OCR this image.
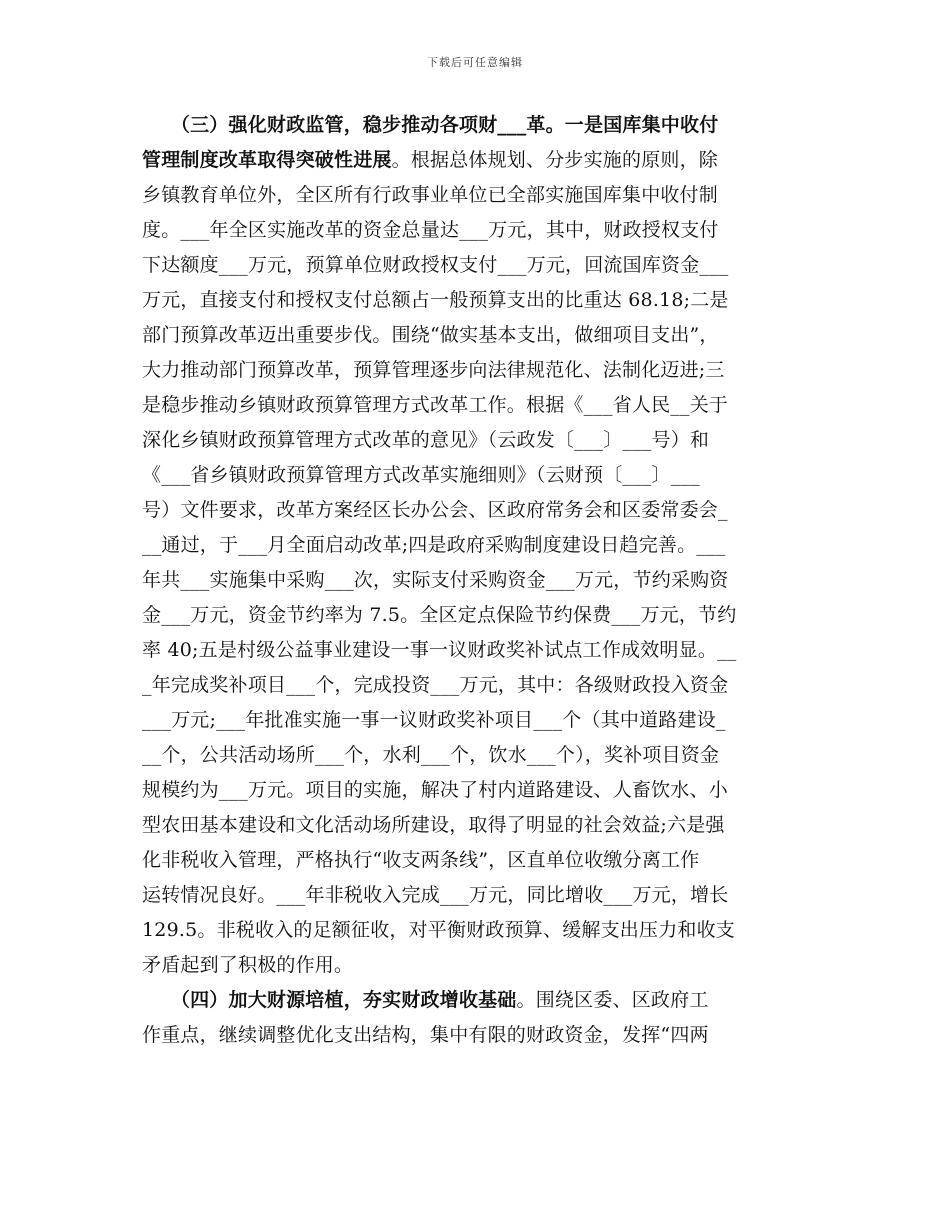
下载后可任意编辑
　　（三）强化财政监管，稳步推动各项财___革。一是国库集中收付
管理制度改革取得突破性进展。根据总体规划、分步实施的原则，除
乡镇教育单位外，全区所有行政事业单位已全部实施国库集中收付制
度。___年全区实施改革的资金总量达___万元，其中，财政授权支付
下达额度___万元，预算单位财政授权支付___万元，回流国库资金___
万元，直接支付和授权支付总额占一般预算支出的比重达 68.18;二是
部门预算改革迈出重要步伐。围绕“做实基本支出，做细项目支出”，
大力推动部门预算改革，预算管理逐步向法律规范化、法制化迈进;三
是稳步推动乡镇财政预算管理方式改革工作。根据《___省人民__关于
深化乡镇财政预算管理方式改革的意见》（云政发〔___〕___号）和
《___省乡镇财政预算管理方式改革实施细则》（云财预〔___〕___
号）文件要求，改革方案经区长办公会、区政府常务会和区委常委会_
__通过，于___月全面启动改革;四是政府采购制度建设日趋完善。___
年共___实施集中采购___次，实际支付采购资金___万元，节约采购资
金___万元，资金节约率为 7.5。全区定点保险节约保费___万元，节约
率 40;五是村级公益事业建设一事一议财政奖补试点工作成效明显。__
_年完成奖补项目___个，完成投资___万元，其中：各级财政投入资金
___万元;___年批准实施一事一议财政奖补项目___个（其中道路建设_
__个，公共活动场所___个，水利___个，饮水___个），奖补项目资金
规模约为___万元。项目的实施，解决了村内道路建设、人畜饮水、小
型农田基本建设和文化活动场所建设，取得了明显的社会效益;六是强
化非税收入管理，严格执行“收支两条线”，区直单位收缴分离工作
运转情况良好。___年非税收入完成___万元，同比增收___万元，增长
129.5。非税收入的足额征收，对平衡财政预算、缓解支出压力和收支
矛盾起到了积极的作用。
　　（四）加大财源培植，夯实财政增收基础。围绕区委、区政府工
作重点，继续调整优化支出结构，集中有限的财政资金，发挥“四两
